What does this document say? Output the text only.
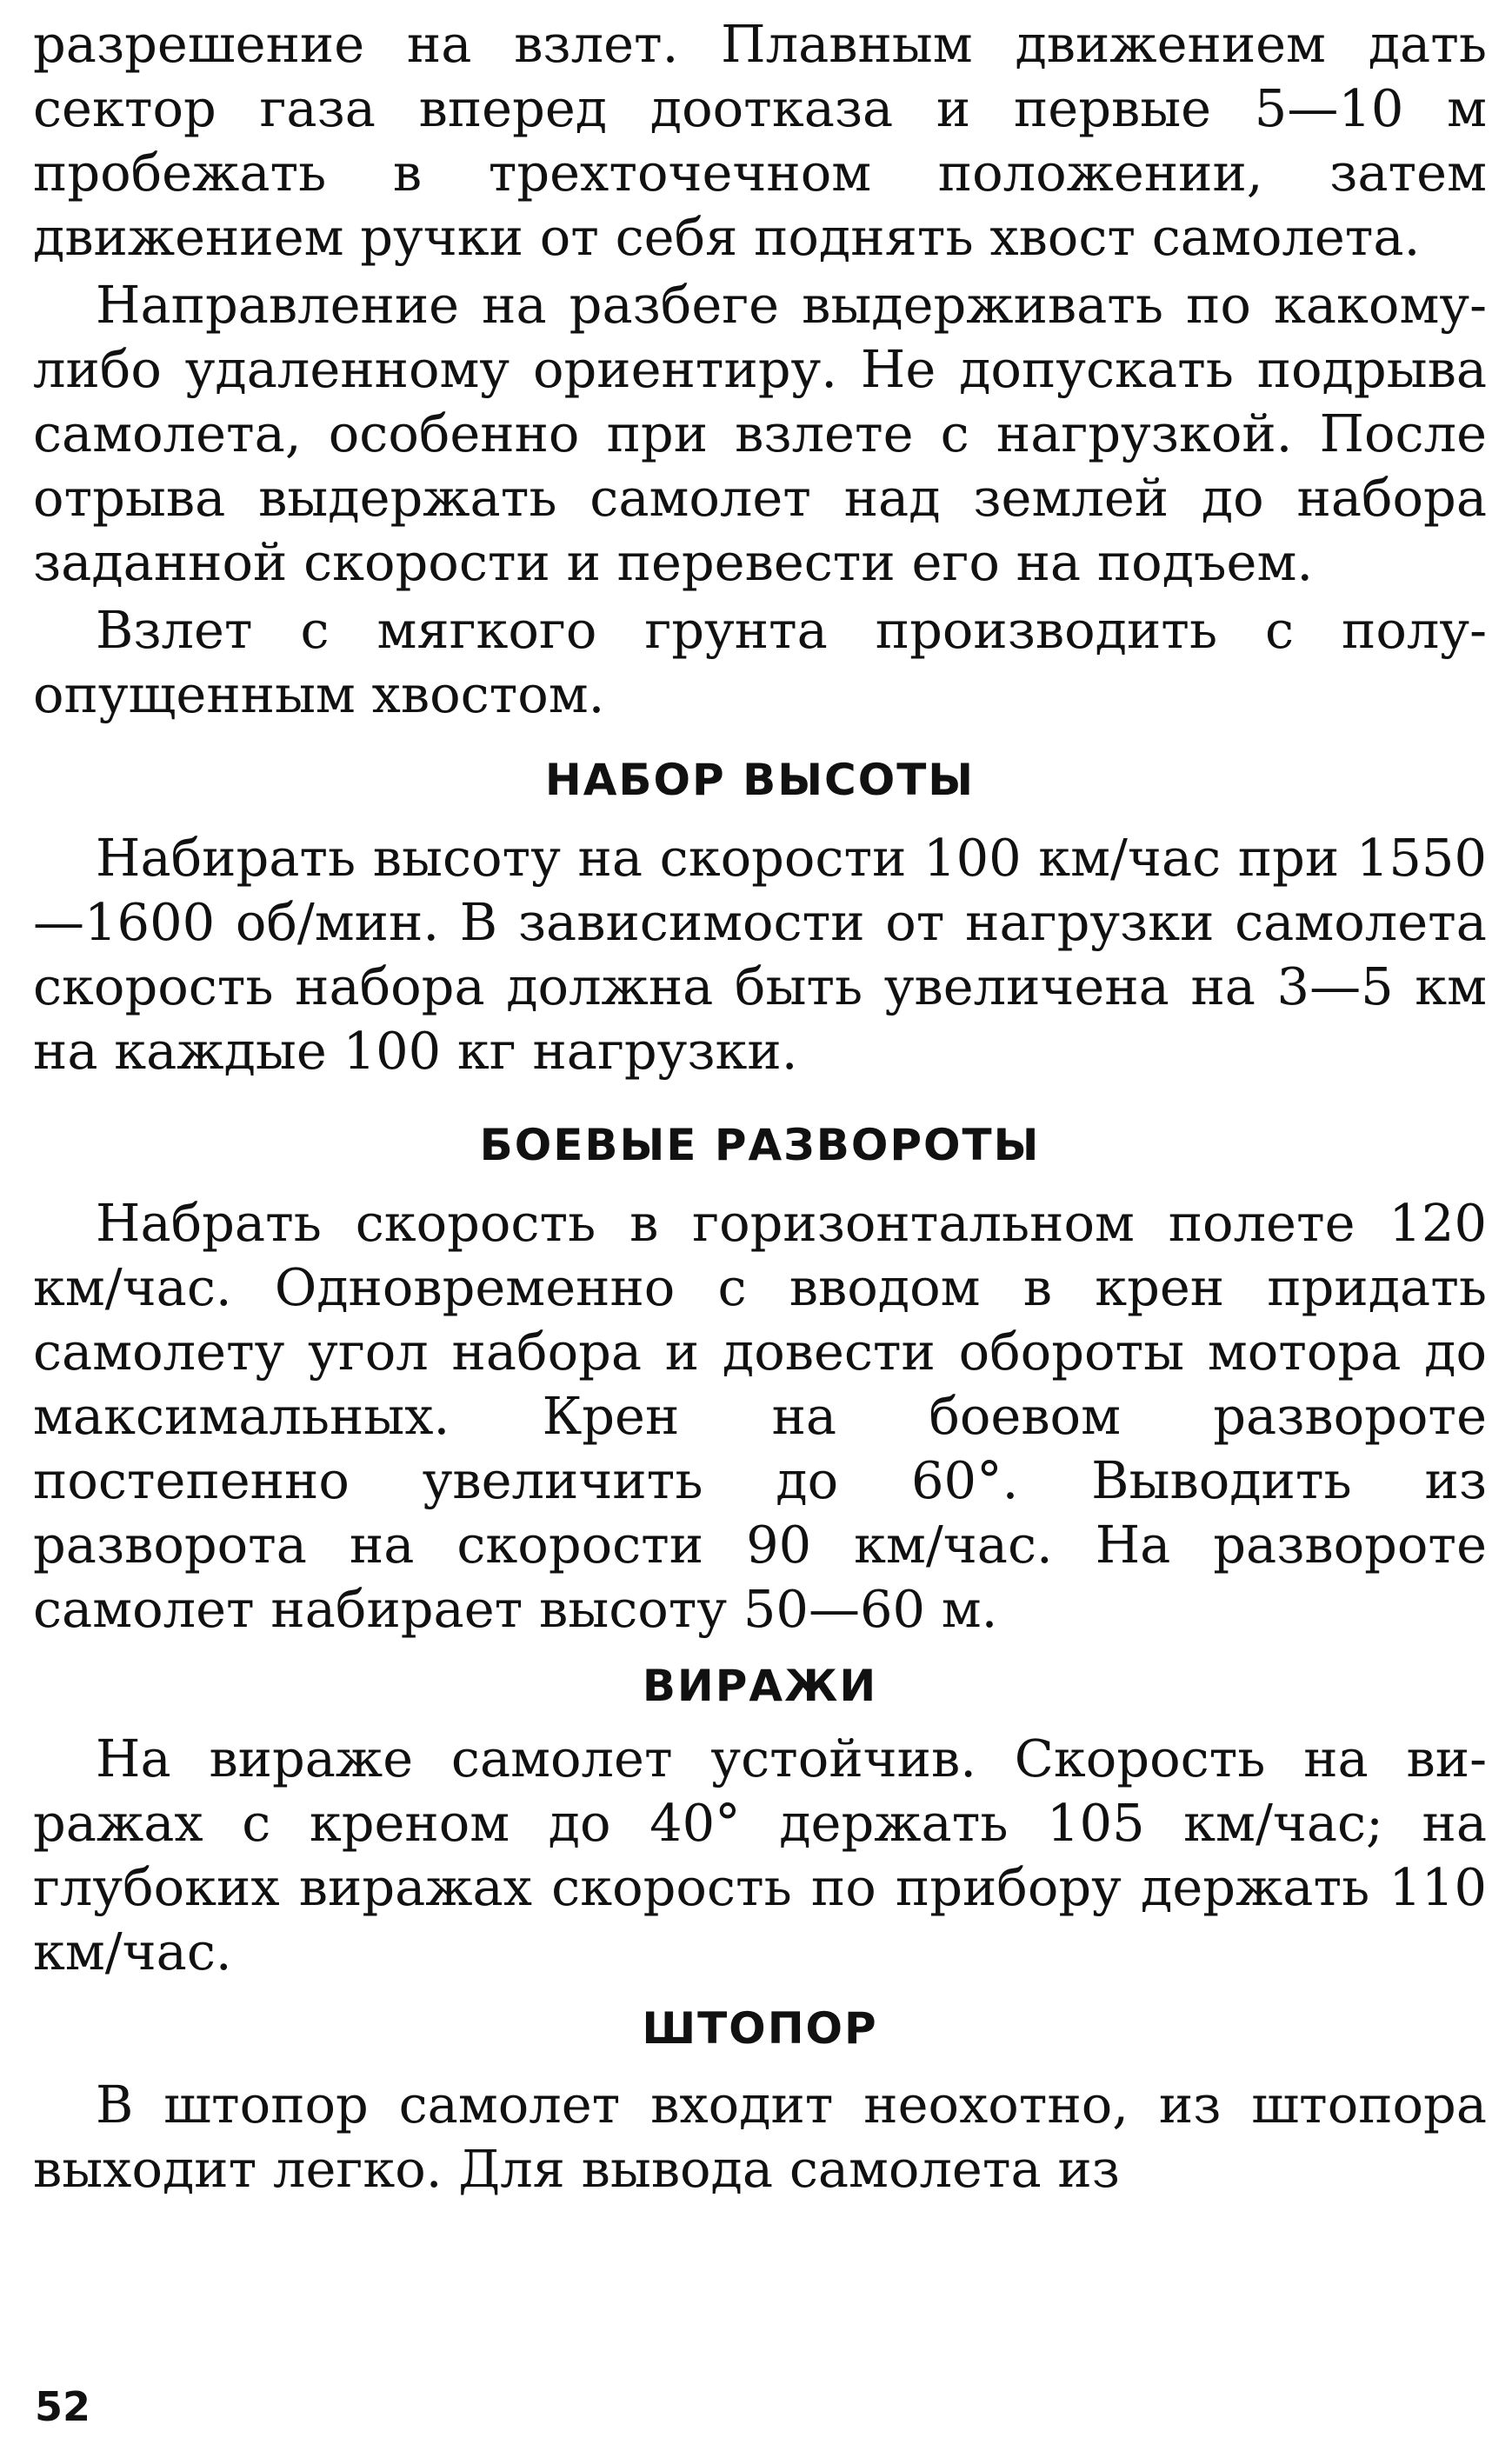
разрешение на взлет. Плавным движением дать сектор газа вперед доотказа и первые 5—10 м пробежать в трехточечном положении, затем движением ручки от себя поднять хвост самолета.

Направление на разбеге выдерживать по какому-либо удаленному ориентиру. Не допускать подрыва самолета, особенно при взлете с нагрузкой. После отрыва выдержать самолет над землей до набора заданной скорости и перевести его на подъем.

Взлет с мягкого грунта производить с полуопущенным хвостом.

НАБОР ВЫСОТЫ

Набирать высоту на скорости 100 км/час при 1550—1600 об/мин. В зависимости от нагрузки самолета скорость набора должна быть увеличена на 3—5 км на каждые 100 кг нагрузки.

БОЕВЫЕ РАЗВОРОТЫ

Набрать скорость в горизонтальном полете 120 км/час. Одновременно с вводом в крен придать самолету угол набора и довести обороты мотора до максимальных. Крен на боевом развороте постепенно увеличить до 60°. Выводить из разворота на скорости 90 км/час. На развороте самолет набирает высоту 50—60 м.

ВИРАЖИ

На вираже самолет устойчив. Скорость на виражах с креном до 40° держать 105 км/час; на глубоких виражах скорость по прибору держать 110 км/час.

ШТОПОР

В штопор самолет входит неохотно, из штопора выходит легко. Для вывода самолета из

52
